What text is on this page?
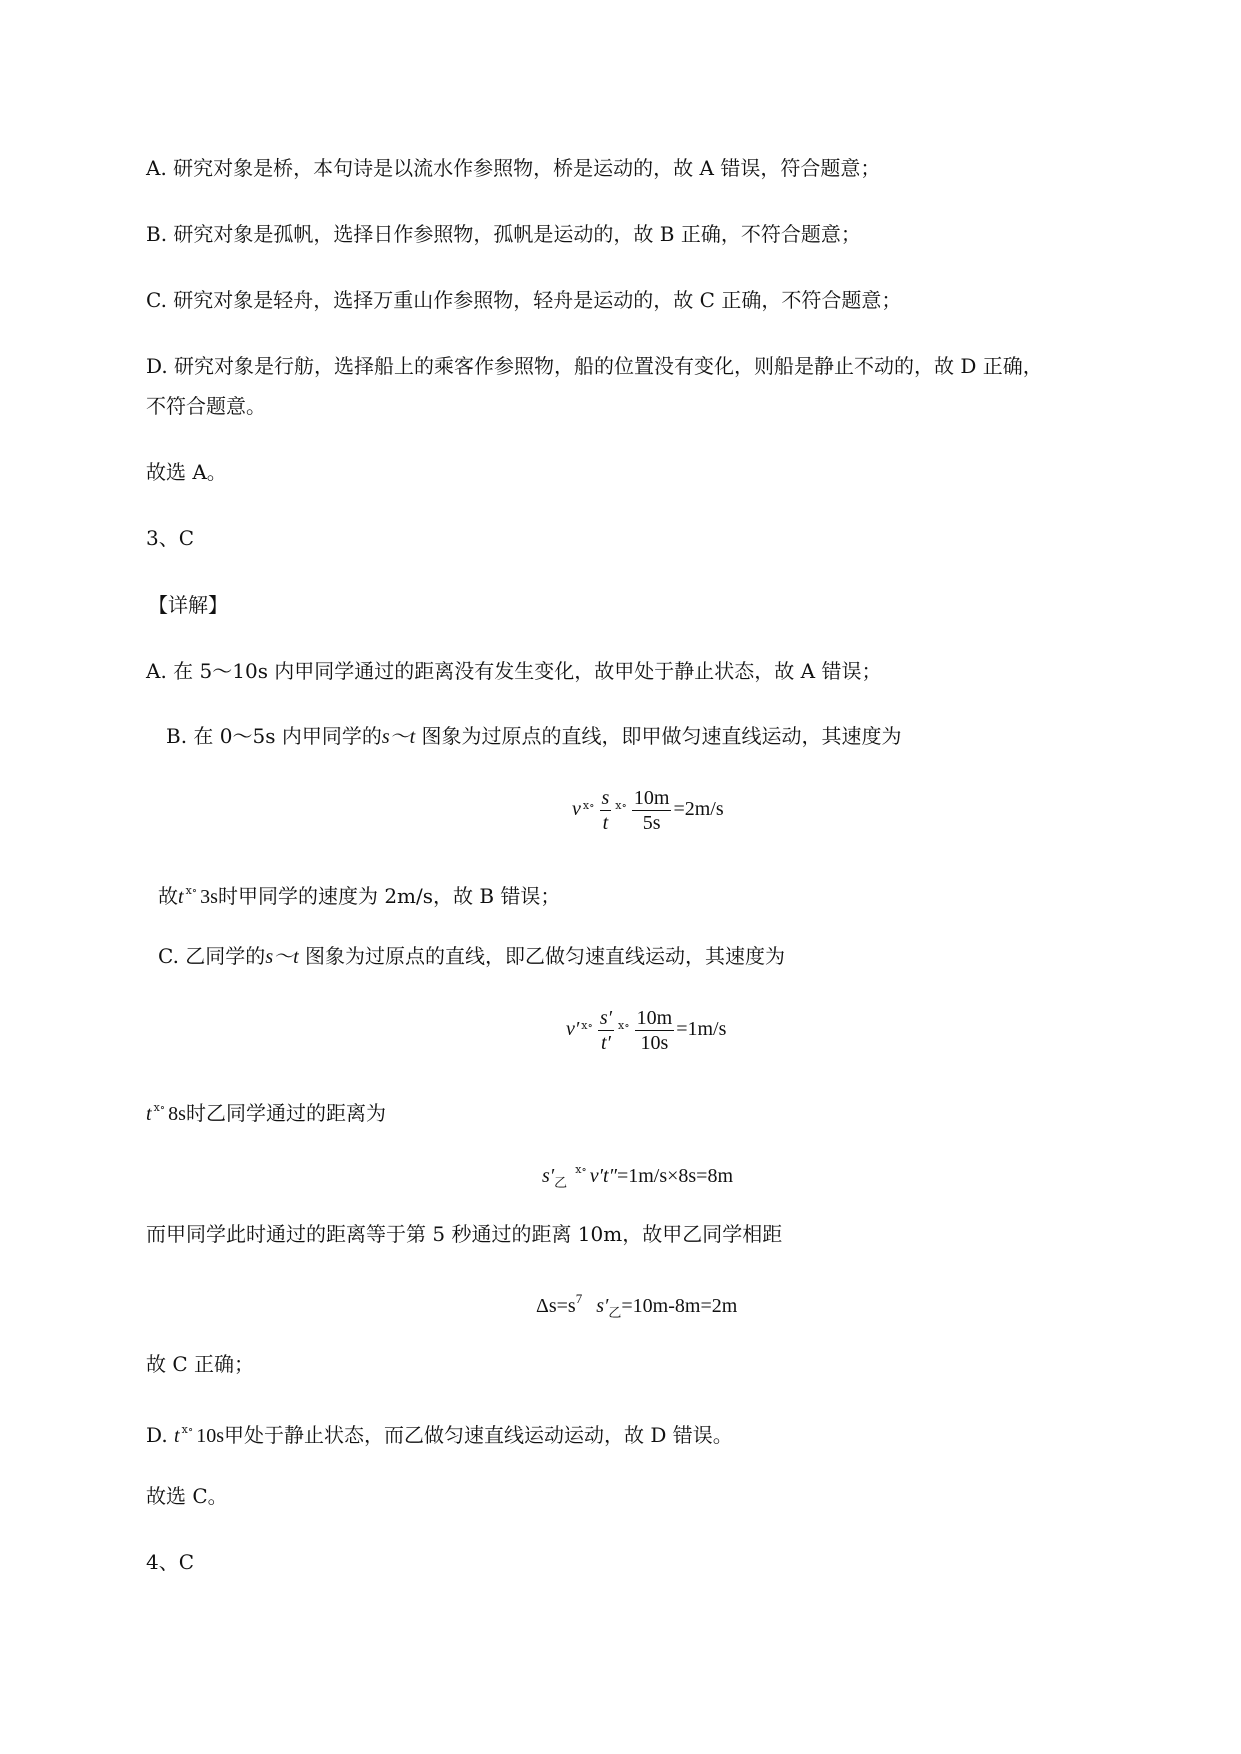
A. 研究对象是桥，本句诗是以流水作参照物，桥是运动的，故 A 错误，符合题意；
B. 研究对象是孤帆，选择日作参照物，孤帆是运动的，故 B 正确，不符合题意；
C. 研究对象是轻舟，选择万重山作参照物，轻舟是运动的，故 C 正确，不符合题意；
D. 研究对象是行舫，选择船上的乘客作参照物，船的位置没有变化，则船是静止不动的，故 D 正确，
不符合题意。
故选 A。
3、C
【详解】
A. 在 5～10s 内甲同学通过的距离没有发生变化，故甲处于静止状态，故 A 错误；
B. 在 0～5s 内甲同学的s～t 图象为过原点的直线，即甲做匀速直线运动，其速度为
v $^{ⅹ\circ} \frac{s}{t} ^{ⅹ\circ} \frac{10m}{5s} =2m/s$
故t $^{ⅹ\circ}$ 3s时甲同学的速度为 2m/s，故 B 错误；
C. 乙同学的s～t 图象为过原点的直线，即乙做匀速直线运动，其速度为
v′ $^{ⅹ\circ} \frac{s'}{t'} ^{ⅹ\circ} \frac{10m}{10s} =1m/s$
t $^{ⅹ\circ}$ 8s时乙同学通过的距离为
$s'_乙^{ⅹ\circ}$ v′t″=1m/s×8s=8m
而甲同学此时通过的距离等于第 5 秒通过的距离 10m，故甲乙同学相距
$\Delta s=s^7$ $s'_乙=10m-8m=2m$
故 C 正确；
D. t $^{ⅹ\circ}$ 10s甲处于静止状态，而乙做匀速直线运动运动，故 D 错误。
故选 C。
4、C
